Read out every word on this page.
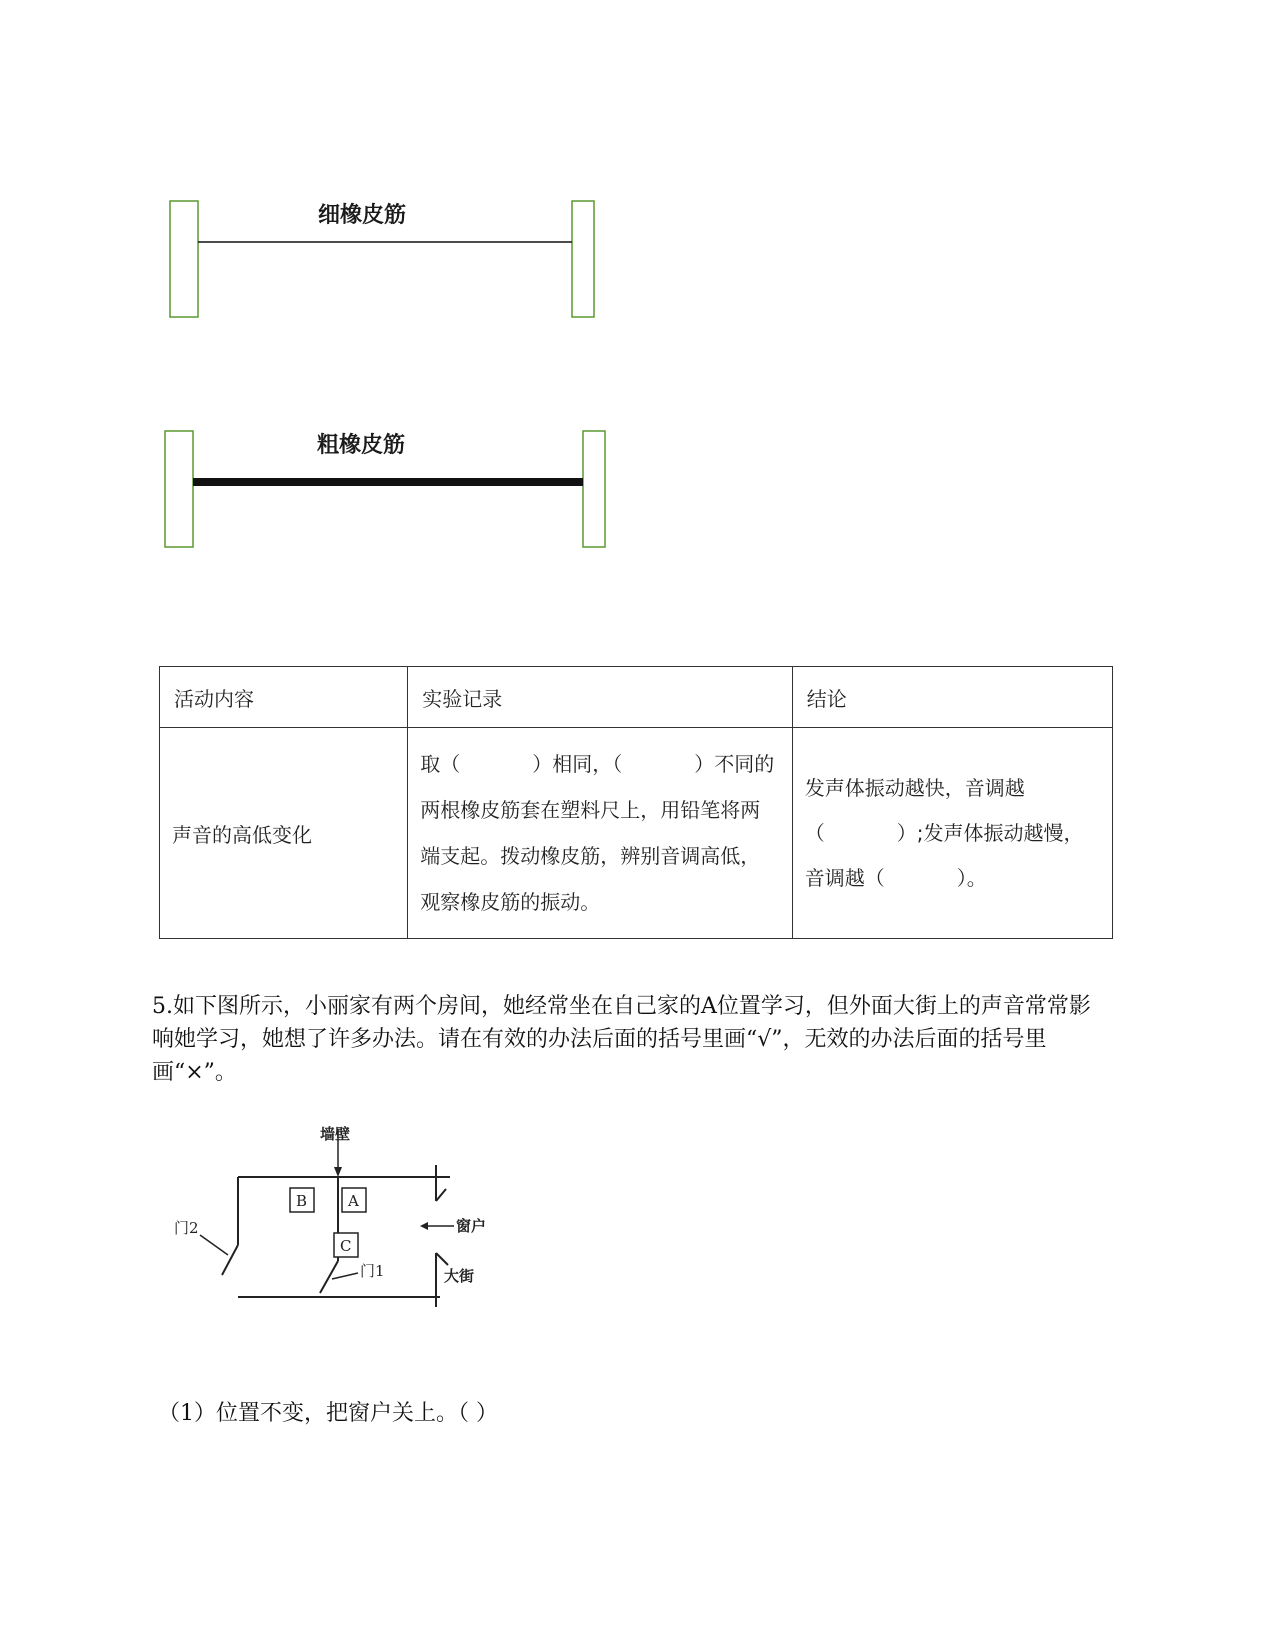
细橡皮筋
粗橡皮筋
活动内容	实验记录	结论
声音的高低变化	取（ ）相同，（ ）不同的两根橡皮筋套在塑料尺上，用铅笔将两端支起。拨动橡皮筋，辨别音调高低，观察橡皮筋的振动。	发声体振动越快，音调越
（ ）;发声体振动越慢，
音调越（ ）。
5.如下图所示，小丽家有两个房间，她经常坐在自己家的A位置学习，但外面大街上的声音常常影响她学习，她想了许多办法。请在有效的办法后面的括号里画“√”，无效的办法后面的括号里画“×”。
墙壁
B	A
C
门2
门1
窗户
大街
（1）位置不变，把窗户关上。（ ）
